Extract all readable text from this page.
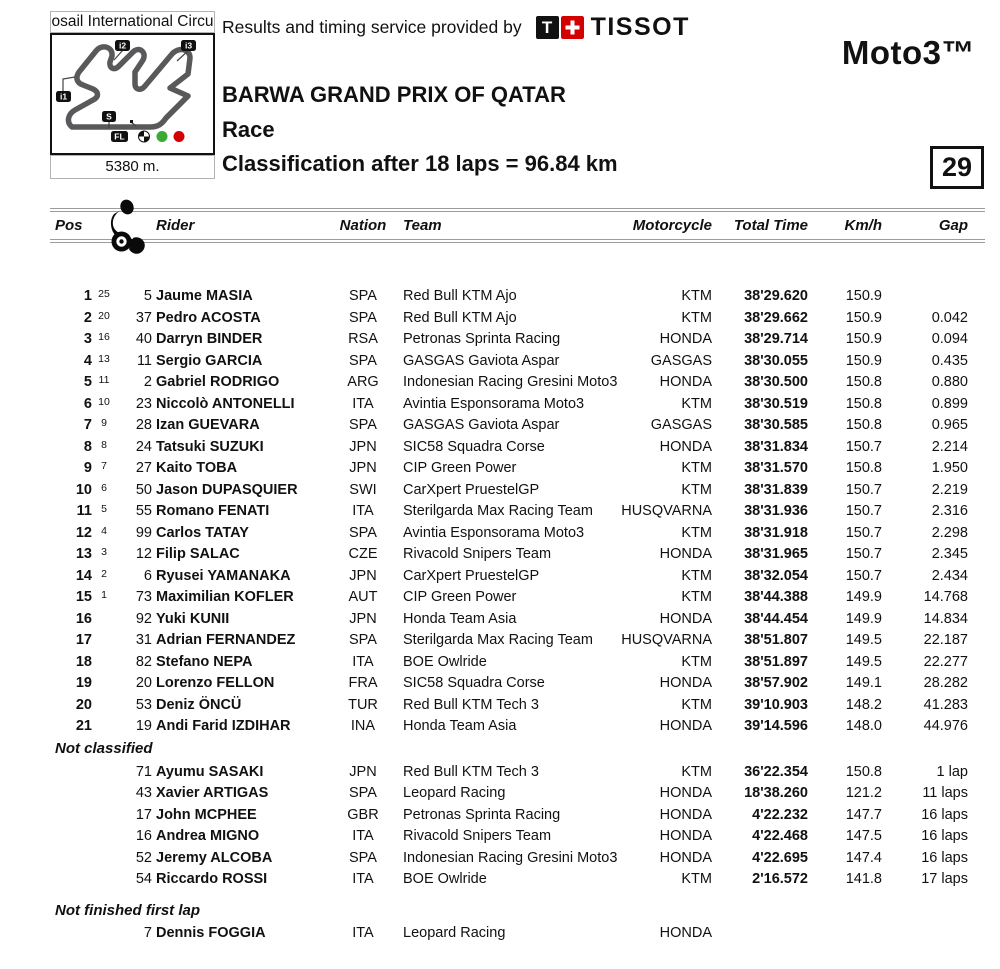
osail International Circu
i1
i2	i3
S
FL
5380 m.
Results and timing service provided by	T TISSOT
Moto3™
BARWA GRAND PRIX OF QATAR
Race
Classification after 18 laps = 96.84 km	29
Pos	Rider	Nation	Team	Motorcycle	Total Time	Km/h	Gap
1 25	5 Jaume MASIA	SPA	Red Bull KTM Ajo	KTM	38'29.620	150.9
2 20	37 Pedro ACOSTA	SPA	Red Bull KTM Ajo	KTM	38'29.662	150.9	0.042
3 16	40 Darryn BINDER	RSA	Petronas Sprinta Racing	HONDA	38'29.714	150.9	0.094
4 13	11 Sergio GARCIA	SPA	GASGAS Gaviota Aspar	GASGAS	38'30.055	150.9	0.435
5 11	2 Gabriel RODRIGO	ARG	Indonesian Racing Gresini Moto3	HONDA	38'30.500	150.8	0.880
6 10	23 Niccolò ANTONELLI	ITA	Avintia Esponsorama Moto3	KTM	38'30.519	150.8	0.899
7 9	28 Izan GUEVARA	SPA	GASGAS Gaviota Aspar	GASGAS	38'30.585	150.8	0.965
8 8	24 Tatsuki SUZUKI	JPN	SIC58 Squadra Corse	HONDA	38'31.834	150.7	2.214
9 7	27 Kaito TOBA	JPN	CIP Green Power	KTM	38'31.570	150.8	1.950
10 6	50 Jason DUPASQUIER	SWI	CarXpert PruestelGP	KTM	38'31.839	150.7	2.219
11 5	55 Romano FENATI	ITA	Sterilgarda Max Racing Team	HUSQVARNA	38'31.936	150.7	2.316
12 4	99 Carlos TATAY	SPA	Avintia Esponsorama Moto3	KTM	38'31.918	150.7	2.298
13 3	12 Filip SALAC	CZE	Rivacold Snipers Team	HONDA	38'31.965	150.7	2.345
14 2	6 Ryusei YAMANAKA	JPN	CarXpert PruestelGP	KTM	38'32.054	150.7	2.434
15 1	73 Maximilian KOFLER	AUT	CIP Green Power	KTM	38'44.388	149.9	14.768
16	92 Yuki KUNII	JPN	Honda Team Asia	HONDA	38'44.454	149.9	14.834
17	31 Adrian FERNANDEZ	SPA	Sterilgarda Max Racing Team	HUSQVARNA	38'51.807	149.5	22.187
18	82 Stefano NEPA	ITA	BOE Owlride	KTM	38'51.897	149.5	22.277
19	20 Lorenzo FELLON	FRA	SIC58 Squadra Corse	HONDA	38'57.902	149.1	28.282
20	53 Deniz ÖNCÜ	TUR	Red Bull KTM Tech 3	KTM	39'10.903	148.2	41.283
21	19 Andi Farid IZDIHAR	INA	Honda Team Asia	HONDA	39'14.596	148.0	44.976
Not classified
71 Ayumu SASAKI	JPN	Red Bull KTM Tech 3	KTM	36'22.354	150.8	1 lap
43 Xavier ARTIGAS	SPA	Leopard Racing	HONDA	18'38.260	121.2	11 laps
17 John MCPHEE	GBR	Petronas Sprinta Racing	HONDA	4'22.232	147.7	16 laps
16 Andrea MIGNO	ITA	Rivacold Snipers Team	HONDA	4'22.468	147.5	16 laps
52 Jeremy ALCOBA	SPA	Indonesian Racing Gresini Moto3	HONDA	4'22.695	147.4	16 laps
54 Riccardo ROSSI	ITA	BOE Owlride	KTM	2'16.572	141.8	17 laps
Not finished first lap
7 Dennis FOGGIA	ITA	Leopard Racing	HONDA
